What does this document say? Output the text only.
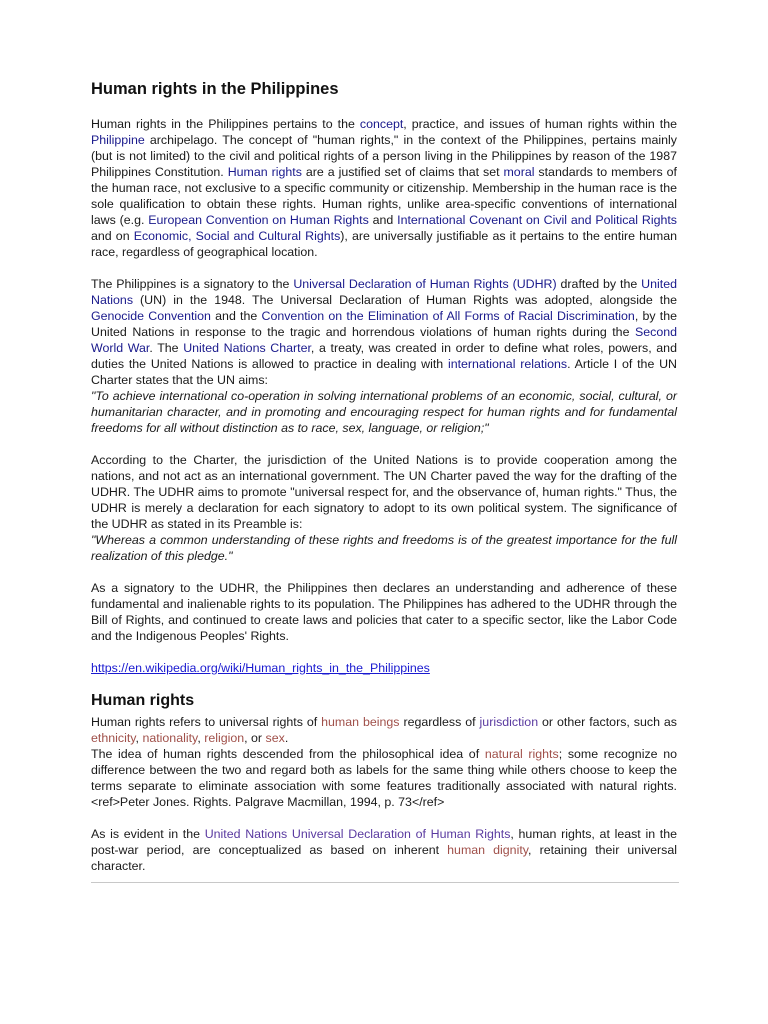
Human rights in the Philippines

Human rights in the Philippines pertains to the concept, practice, and issues of human rights within the Philippine archipelago. The concept of "human rights," in the context of the Philippines, pertains mainly (but is not limited) to the civil and political rights of a person living in the Philippines by reason of the 1987 Philippines Constitution. Human rights are a justified set of claims that set moral standards to members of the human race, not exclusive to a specific community or citizenship. Membership in the human race is the sole qualification to obtain these rights. Human rights, unlike area-specific conventions of international laws (e.g. European Convention on Human Rights and International Covenant on Civil and Political Rights and on Economic, Social and Cultural Rights), are universally justifiable as it pertains to the entire human race, regardless of geographical location.

The Philippines is a signatory to the Universal Declaration of Human Rights (UDHR) drafted by the United Nations (UN) in the 1948. The Universal Declaration of Human Rights was adopted, alongside the Genocide Convention and the Convention on the Elimination of All Forms of Racial Discrimination, by the United Nations in response to the tragic and horrendous violations of human rights during the Second World War. The United Nations Charter, a treaty, was created in order to define what roles, powers, and duties the United Nations is allowed to practice in dealing with international relations. Article I of the UN Charter states that the UN aims:

"To achieve international co-operation in solving international problems of an economic, social, cultural, or humanitarian character, and in promoting and encouraging respect for human rights and for fundamental freedoms for all without distinction as to race, sex, language, or religion;"

According to the Charter, the jurisdiction of the United Nations is to provide cooperation among the nations, and not act as an international government. The UN Charter paved the way for the drafting of the UDHR. The UDHR aims to promote "universal respect for, and the observance of, human rights." Thus, the UDHR is merely a declaration for each signatory to adopt to its own political system. The significance of the UDHR as stated in its Preamble is:

"Whereas a common understanding of these rights and freedoms is of the greatest importance for the full realization of this pledge."

As a signatory to the UDHR, the Philippines then declares an understanding and adherence of these fundamental and inalienable rights to its population. The Philippines has adhered to the UDHR through the Bill of Rights, and continued to create laws and policies that cater to a specific sector, like the Labor Code and the Indigenous Peoples' Rights.

https://en.wikipedia.org/wiki/Human_rights_in_the_Philippines
Human rights

Human rights refers to universal rights of human beings regardless of jurisdiction or other factors, such as ethnicity, nationality, religion, or sex.

The idea of human rights descended from the philosophical idea of natural rights; some recognize no difference between the two and regard both as labels for the same thing while others choose to keep the terms separate to eliminate association with some features traditionally associated with natural rights.<ref>Peter Jones. Rights. Palgrave Macmillan, 1994, p. 73</ref>

As is evident in the United Nations Universal Declaration of Human Rights, human rights, at least in the post-war period, are conceptualized as based on inherent human dignity, retaining their universal character.
